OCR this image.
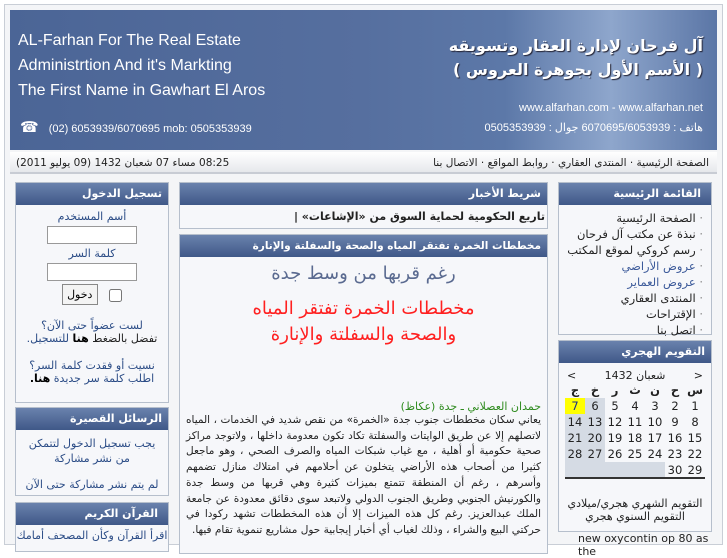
AL-Farhan For The Real Estate
Administrtion And it's Markting
The First Name in Gawhart El Aros
☎ (02) 6053939/6070695 mob: 0505353939
آل فرحان لإدارة العقار وتسويقه
( الأسم الأول بجوهرة العروس )
www.alfarhan.com - www.alfarhan.net
هاتف : 6070695/6053939 جوال : 0505353939
الصفحة الرئيسية · المنتدى العقاري · روابط المواقع · الاتصال بنا
08:25 مساء 07 شعبان 1432 (09 يوليو 2011)
تسجيل الدخول
أسم المستخدم
كلمة السر
دخول
لست عضواً حتى الآن؟
تفضل بالضغط هنا للتسجيل.
نسيت أو فقدت كلمة السر؟
اطلب كلمة سر جديدة هنا.
الرسائل القصيرة
يجب تسجيل الدخول لتتمكن من نشر مشاركة
لم يتم نشر مشاركة حتى الآن
القرآن الكريم
اقرأ القرآن وكأن المصحف أمامك
شريط الأخبار
تاريع الحكومية لحماية السوق من «الإشاعات» |
مخططات الخمرة تفتقر المياه والصحة والسفلتة والإنارة
رغم قربها من وسط جدة
مخططات الخمرة تفتقر المياه والصحة والسفلتة والإنارة
حمدان العصلاني ـ جدة (عكاظ)
يعاني سكان مخططات جنوب جدة «الخمرة» من نقص شديد في الخدمات ، المياه لاتصلهم إلا عن طريق الوايتات والسفلتة تكاد تكون معدومة داخلها ، ولاتوجد مراكز صحية حكومية أو أهلية ، مع غياب شبكات المياه والصرف الصحي ، وهو ماجعل كثيرا من أصحاب هذه الأراضي يتخلون عن أحلامهم في امتلاك منازل تضمهم وأسرهم ، رغم أن المنطقة تتمتع بميزات كثيرة وهي قربها من وسط جدة والكورنيش الجنوبي وطريق الجنوب الدولي ولاتبعد سوى دقائق معدودة عن جامعة الملك عبدالعزيز. رغم كل هذه الميزات إلا أن هذه المخططات تشهد ركودا في حركتي البيع والشراء ، وذلك لغياب أي أخبار إيجابية حول مشاريع تنموية تقام فيها.
القائمة الرئيسية
· الصفحة الرئيسية
· نبذة عن مكتب آل فرحان
· رسم كروكي لموقع المكتب
· عروض الأراضي
· عروض العماير
· المنتدى العقاري
· الإقتراحات
· اتصل بنا
التقويم الهجري
<	شعبان 1432	>
س	ح	ن	ث	ر	خ	ج
1	2	3	4	5	6	7
8	9	10	11	12	13	14
15	16	17	18	19	20	21
22	23	24	25	26	27	28
29	30					
التقويم الشهري هجري/ميلادي
التقويم السنوي هجري
new oxycontin op 80 as the
